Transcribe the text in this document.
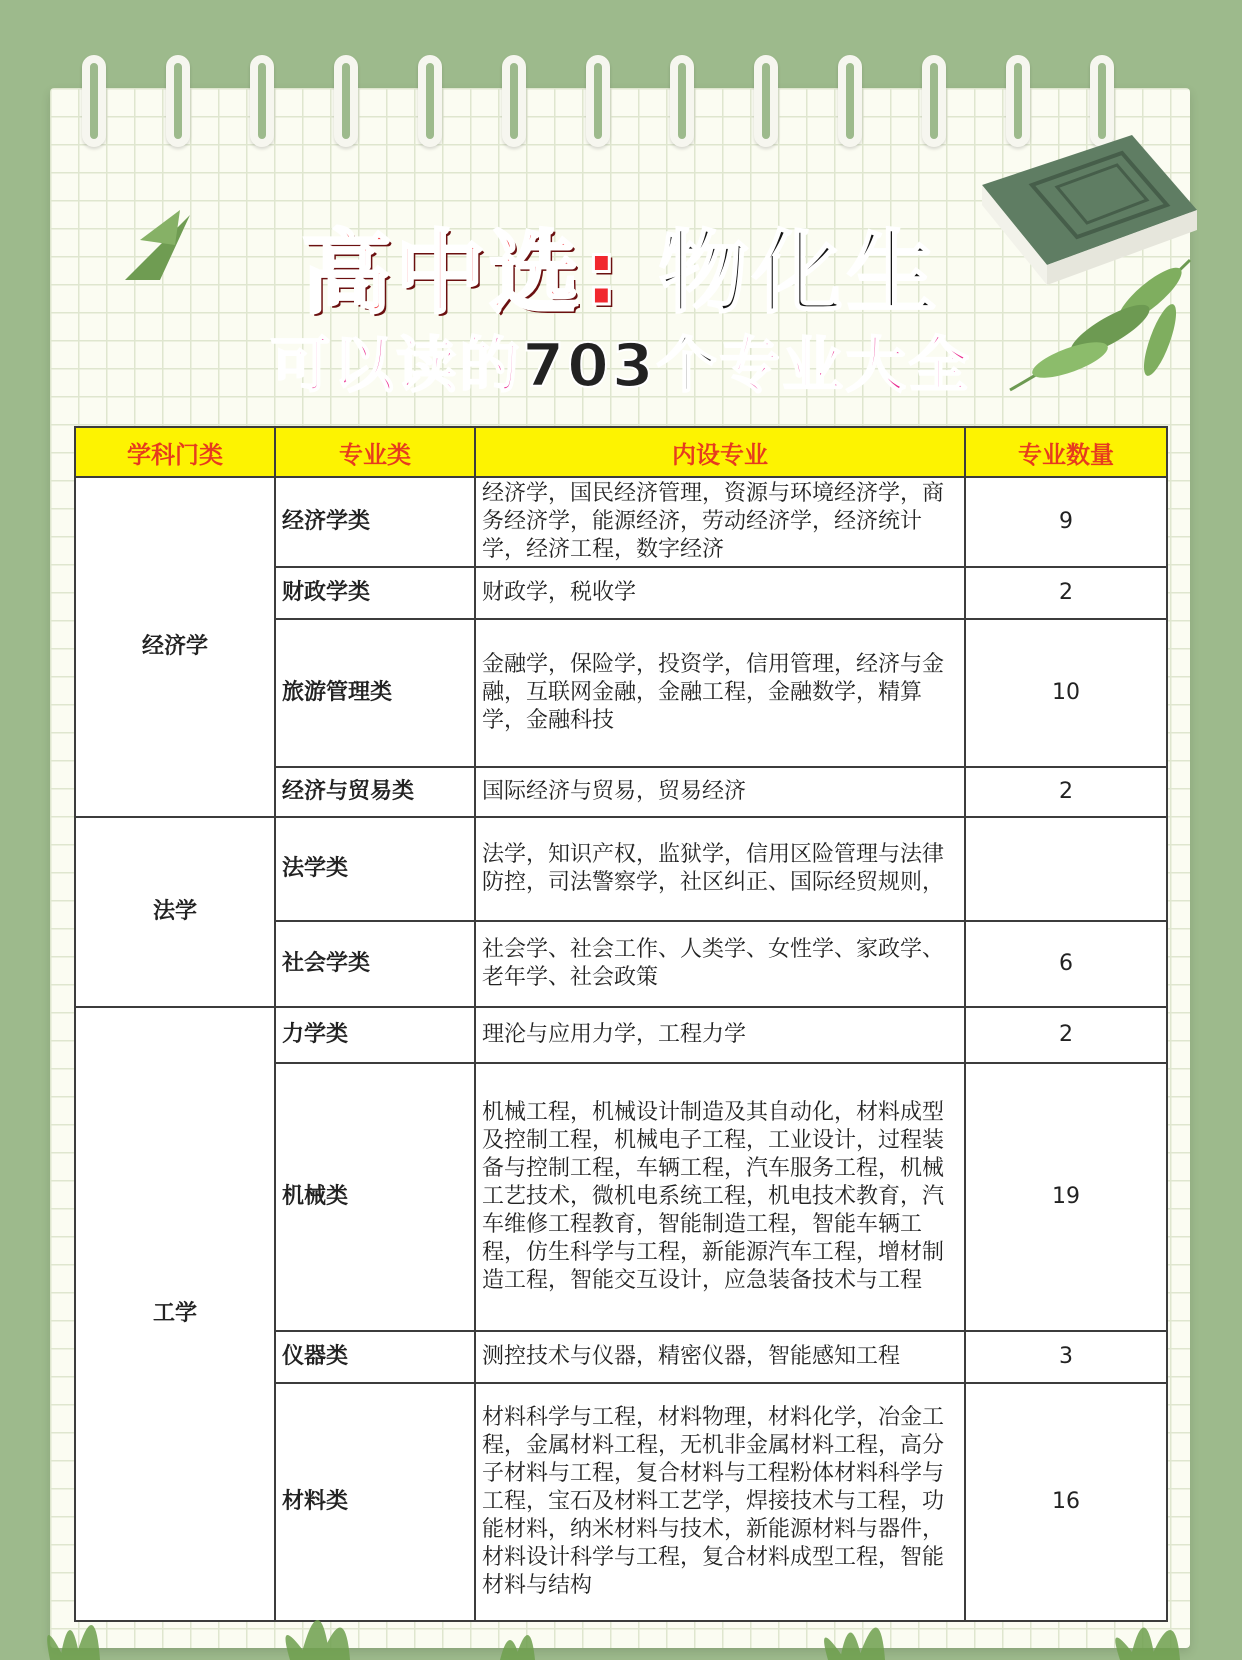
高中选: 物化生
可以读的703个专业大全
学科门类	专业类	内设专业	专业数量
经济学	经济学类	经济学，国民经济管理，资源与环境经济学，商务经济学，能源经济，劳动经济学，经济统计学，经济工程，数字经济	9
	财政学类	财政学，税收学	2
	旅游管理类	金融学，保险学，投资学，信用管理，经济与金融，互联网金融，金融工程，金融数学，精算学，金融科技	10
	经济与贸易类	国际经济与贸易，贸易经济	2
法学	法学类	法学，知识产权，监狱学，信用区险管理与法律防控，司法警察学，社区纠正、国际经贸规则，	
	社会学类	社会学、社会工作、人类学、女性学、家政学、老年学、社会政策	6
工学	力学类	理沦与应用力学，工程力学	2
	机械类	机械工程，机械设计制造及其自动化，材料成型及控制工程，机械电子工程，工业设计，过程装备与控制工程，车辆工程，汽车服务工程，机械工艺技术，微机电系统工程，机电技术教育，汽车维修工程教育，智能制造工程，智能车辆工程，仿生科学与工程，新能源汽车工程，增材制造工程，智能交互设计，应急装备技术与工程	19
	仪器类	测控技术与仪器，精密仪器，智能感知工程	3
	材料类	材料科学与工程，材料物理，材料化学，冶金工程，金属材料工程，无机非金属材料工程，高分子材料与工程，复合材料与工程粉体材料科学与工程，宝石及材料工艺学，焊接技术与工程，功能材料，纳米材料与技术，新能源材料与器件，材料设计科学与工程，复合材料成型工程，智能材料与结构	16
